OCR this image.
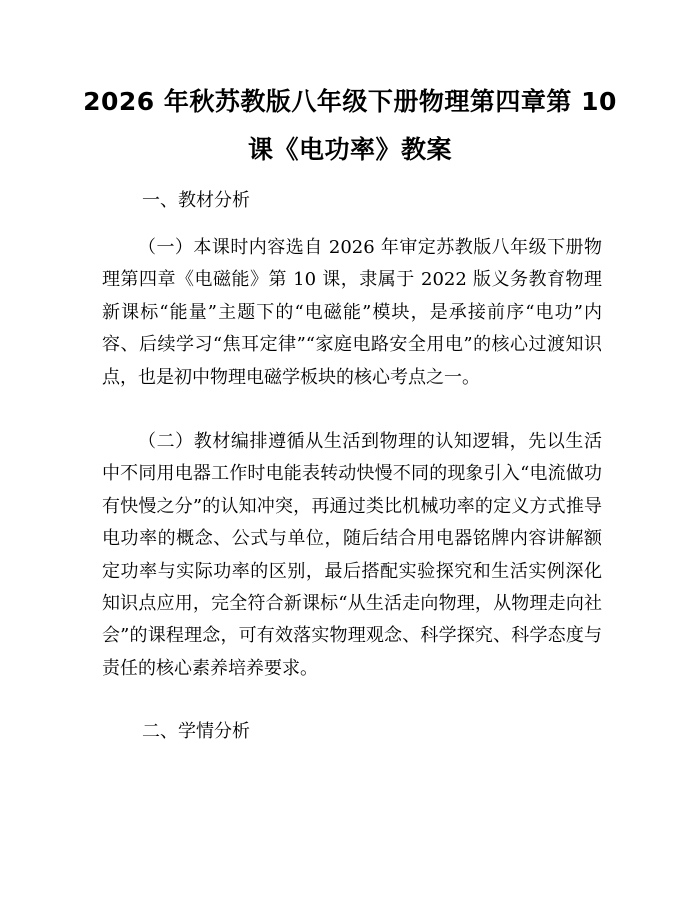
2026 年秋苏教版八年级下册物理第四章第 10
课《电功率》教案

一、教材分析

（一）本课时内容选自 2026 年审定苏教版八年级下册物理第四章《电磁能》第 10 课，隶属于 2022 版义务教育物理新课标“能量”主题下的“电磁能”模块，是承接前序“电功”内容、后续学习“焦耳定律”“家庭电路安全用电”的核心过渡知识点，也是初中物理电磁学板块的核心考点之一。

（二）教材编排遵循从生活到物理的认知逻辑，先以生活中不同用电器工作时电能表转动快慢不同的现象引入“电流做功有快慢之分”的认知冲突，再通过类比机械功率的定义方式推导电功率的概念、公式与单位，随后结合用电器铭牌内容讲解额定功率与实际功率的区别，最后搭配实验探究和生活实例深化知识点应用，完全符合新课标“从生活走向物理，从物理走向社会”的课程理念，可有效落实物理观念、科学探究、科学态度与责任的核心素养培养要求。

二、学情分析
